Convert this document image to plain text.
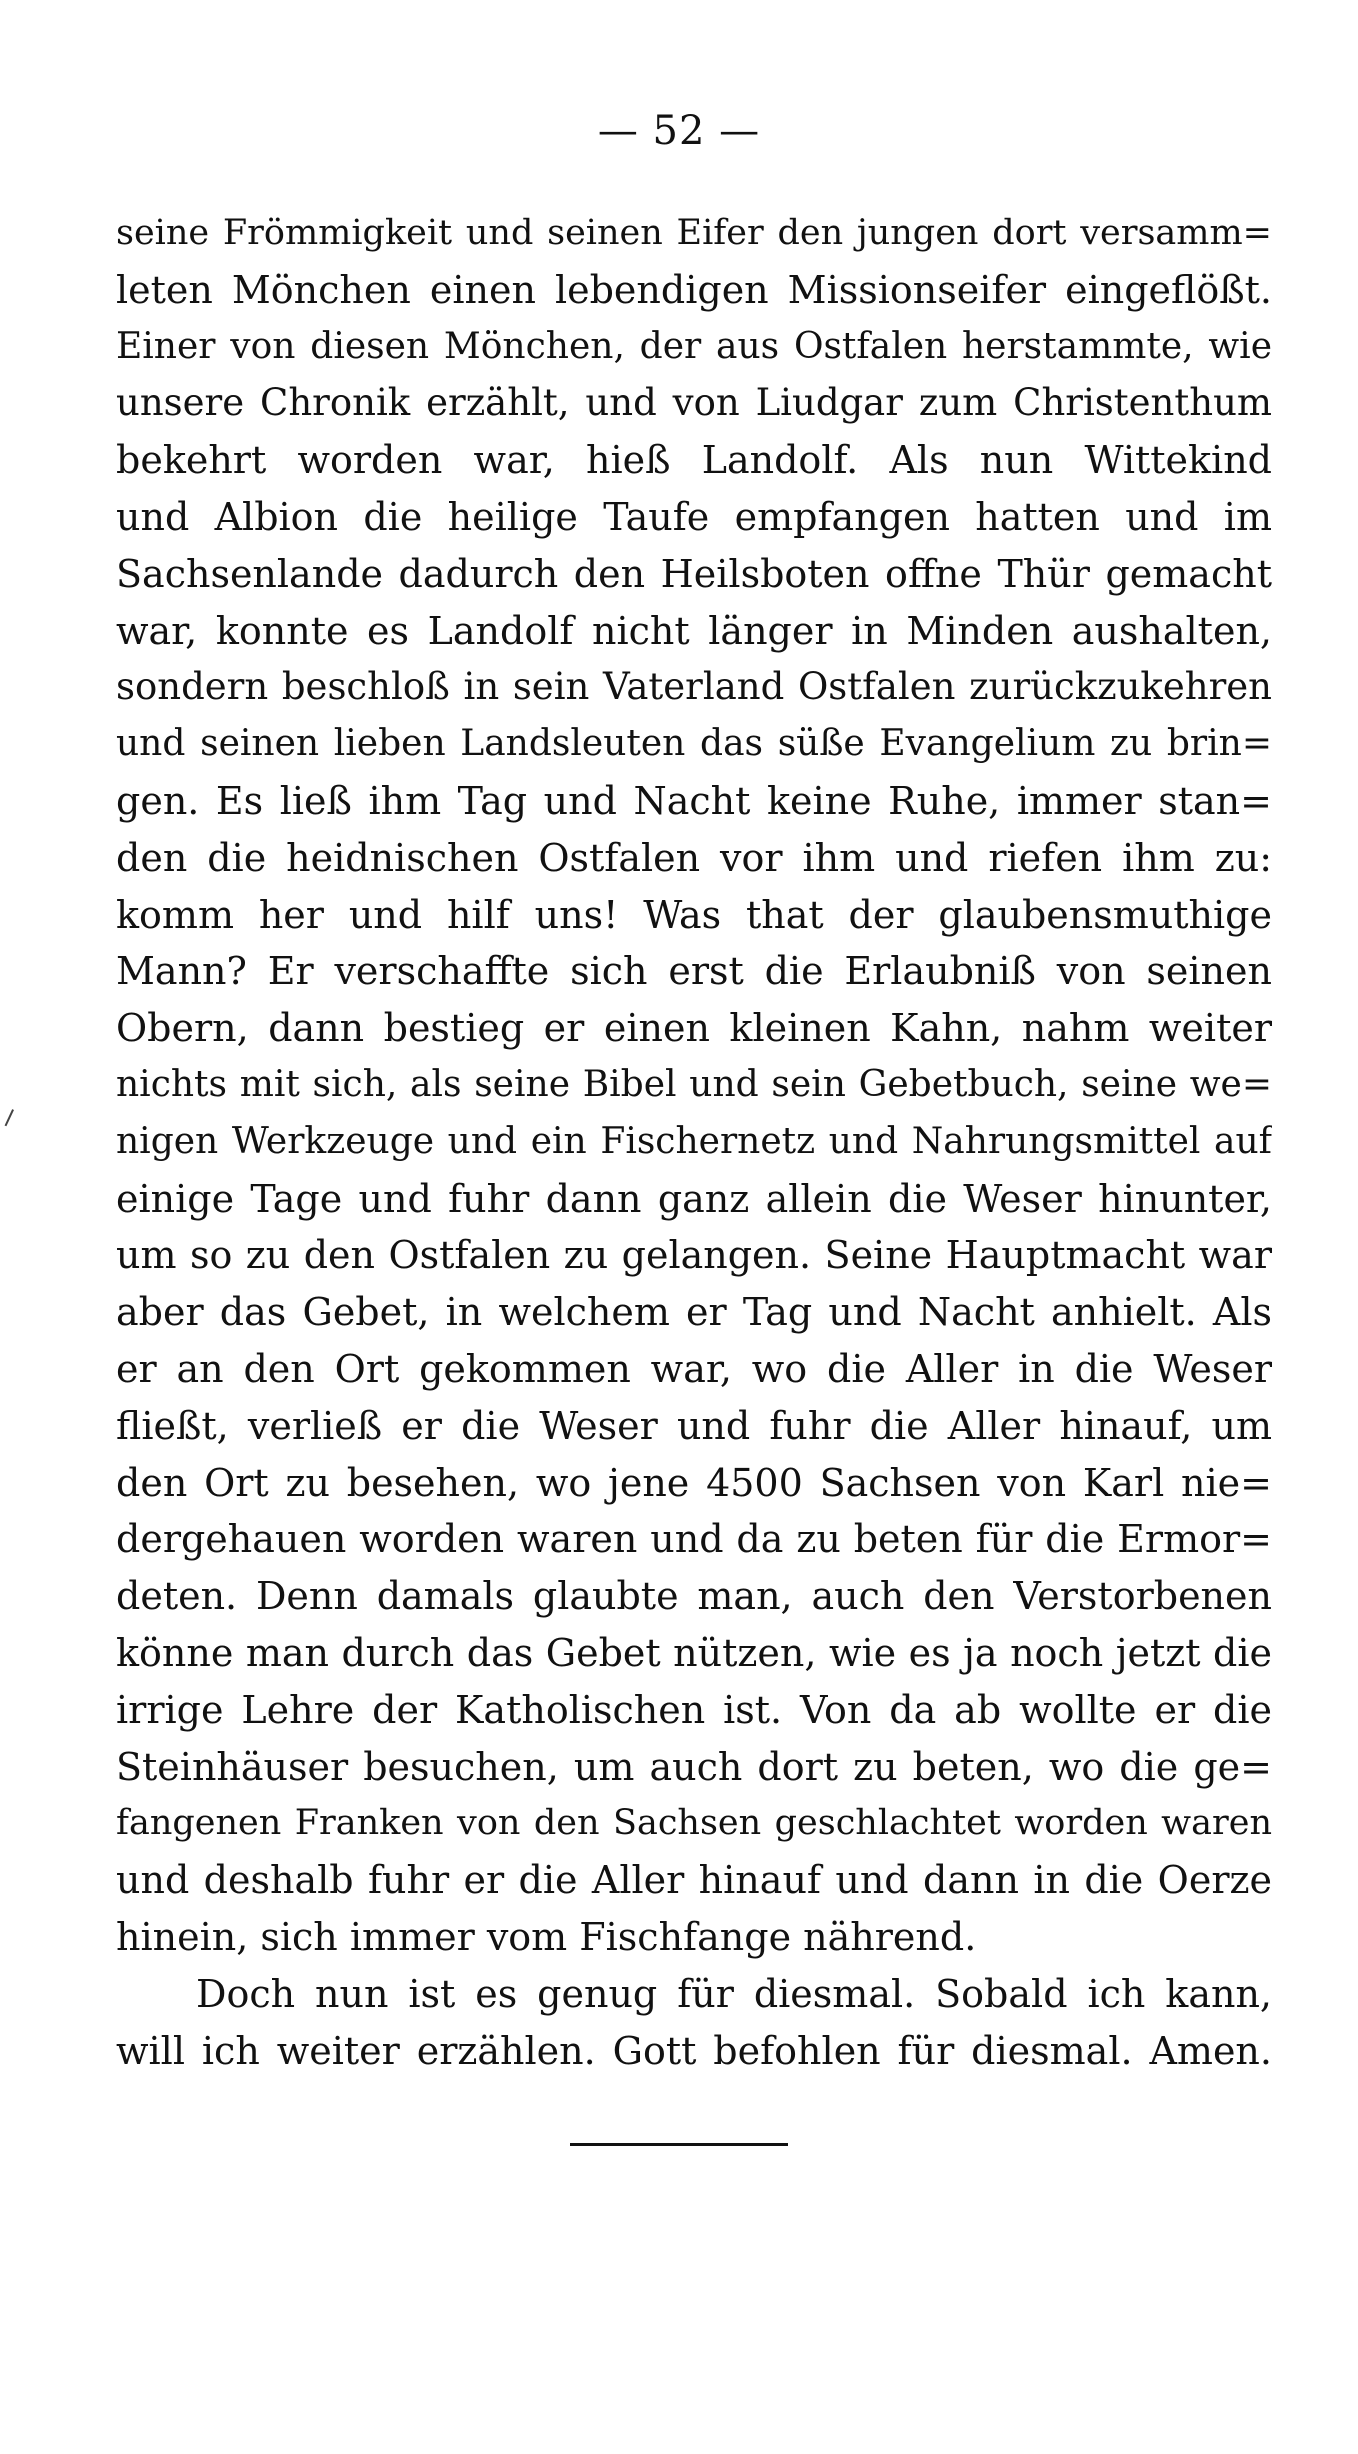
— 52 —
seine Frömmigkeit und seinen Eifer den jungen dort versamm=
leten Mönchen einen lebendigen Missionseifer eingeflößt.
Einer von diesen Mönchen, der aus Ostfalen herstammte, wie
unsere Chronik erzählt, und von Liudgar zum Christenthum
bekehrt worden war, hieß Landolf. Als nun Wittekind
und Albion die heilige Taufe empfangen hatten und im
Sachsenlande dadurch den Heilsboten offne Thür gemacht
war, konnte es Landolf nicht länger in Minden aushalten,
sondern beschloß in sein Vaterland Ostfalen zurückzukehren
und seinen lieben Landsleuten das süße Evangelium zu brin=
gen. Es ließ ihm Tag und Nacht keine Ruhe, immer stan=
den die heidnischen Ostfalen vor ihm und riefen ihm zu:
komm her und hilf uns! Was that der glaubensmuthige
Mann? Er verschaffte sich erst die Erlaubniß von seinen
Obern, dann bestieg er einen kleinen Kahn, nahm weiter
nichts mit sich, als seine Bibel und sein Gebetbuch, seine we=
nigen Werkzeuge und ein Fischernetz und Nahrungsmittel auf
einige Tage und fuhr dann ganz allein die Weser hinunter,
um so zu den Ostfalen zu gelangen. Seine Hauptmacht war
aber das Gebet, in welchem er Tag und Nacht anhielt. Als
er an den Ort gekommen war, wo die Aller in die Weser
fließt, verließ er die Weser und fuhr die Aller hinauf, um
den Ort zu besehen, wo jene 4500 Sachsen von Karl nie=
dergehauen worden waren und da zu beten für die Ermor=
deten. Denn damals glaubte man, auch den Verstorbenen
könne man durch das Gebet nützen, wie es ja noch jetzt die
irrige Lehre der Katholischen ist. Von da ab wollte er die
Steinhäuser besuchen, um auch dort zu beten, wo die ge=
fangenen Franken von den Sachsen geschlachtet worden waren
und deshalb fuhr er die Aller hinauf und dann in die Oerze
hinein, sich immer vom Fischfange nährend.
Doch nun ist es genug für diesmal. Sobald ich kann,
will ich weiter erzählen. Gott befohlen für diesmal. Amen.
